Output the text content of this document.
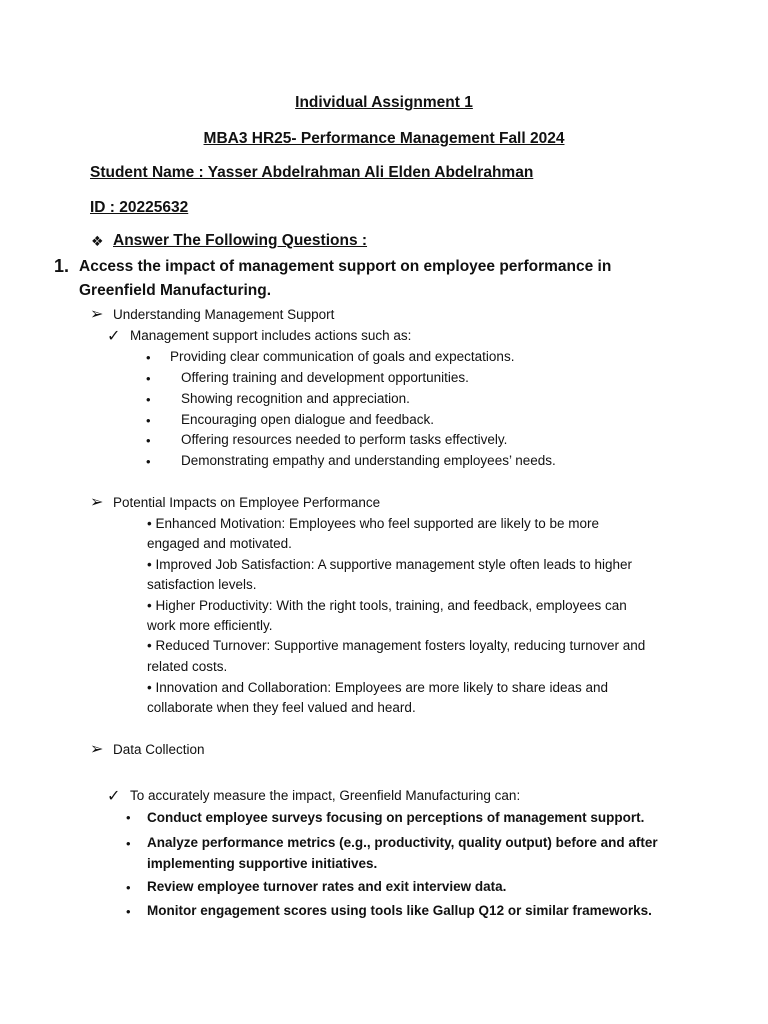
Individual Assignment 1
MBA3 HR25- Performance Management Fall 2024
Student Name : Yasser Abdelrahman Ali Elden Abdelrahman
ID : 20225632
❖ Answer The Following Questions :
1. Access the impact of management support on employee performance in
Greenfield Manufacturing.
➢ Understanding Management Support
✓ Management support includes actions such as:
• Providing clear communication of goals and expectations.
• Offering training and development opportunities.
• Showing recognition and appreciation.
• Encouraging open dialogue and feedback.
• Offering resources needed to perform tasks effectively.
• Demonstrating empathy and understanding employees’ needs.
➢ Potential Impacts on Employee Performance
• Enhanced Motivation: Employees who feel supported are likely to be more
engaged and motivated.
• Improved Job Satisfaction: A supportive management style often leads to higher
satisfaction levels.
• Higher Productivity: With the right tools, training, and feedback, employees can
work more efficiently.
• Reduced Turnover: Supportive management fosters loyalty, reducing turnover and
related costs.
• Innovation and Collaboration: Employees are more likely to share ideas and
collaborate when they feel valued and heard.
➢ Data Collection
✓ To accurately measure the impact, Greenfield Manufacturing can:
• Conduct employee surveys focusing on perceptions of management support.
• Analyze performance metrics (e.g., productivity, quality output) before and after
implementing supportive initiatives.
• Review employee turnover rates and exit interview data.
• Monitor engagement scores using tools like Gallup Q12 or similar frameworks.
